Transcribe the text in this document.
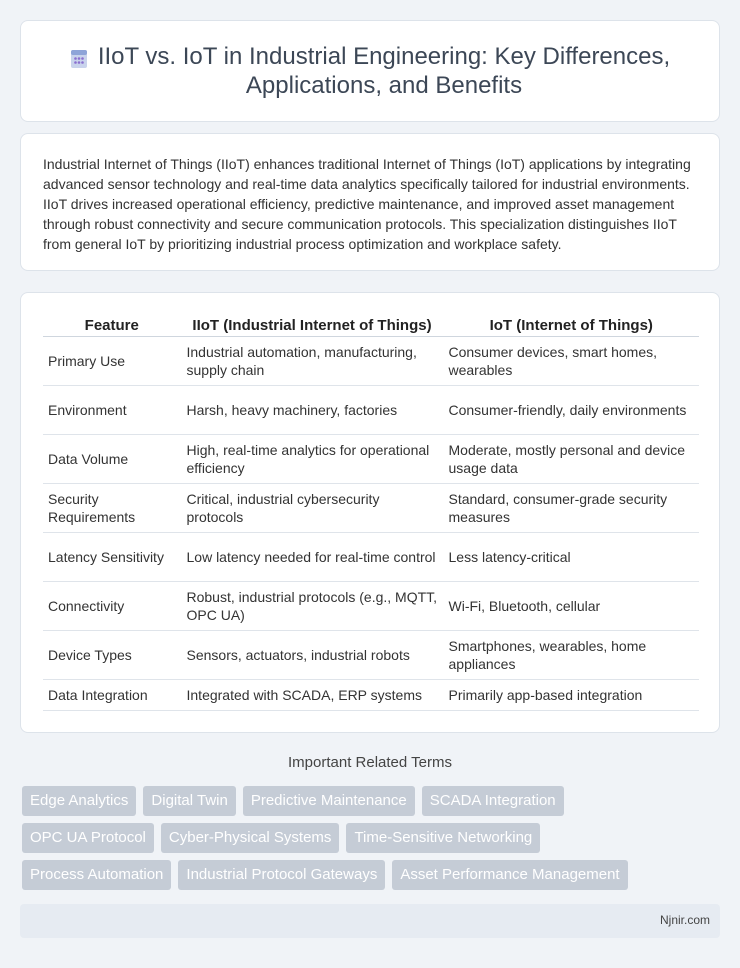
IIoT vs. IoT in Industrial Engineering: Key Differences, Applications, and Benefits

Industrial Internet of Things (IIoT) enhances traditional Internet of Things (IoT) applications by integrating advanced sensor technology and real-time data analytics specifically tailored for industrial environments. IIoT drives increased operational efficiency, predictive maintenance, and improved asset management through robust connectivity and secure communication protocols. This specialization distinguishes IIoT from general IoT by prioritizing industrial process optimization and workplace safety.

Feature	IIoT (Industrial Internet of Things)	IoT (Internet of Things)
Primary Use	Industrial automation, manufacturing, supply chain	Consumer devices, smart homes, wearables
Environment	Harsh, heavy machinery, factories	Consumer-friendly, daily environments
Data Volume	High, real-time analytics for operational efficiency	Moderate, mostly personal and device usage data
Security Requirements	Critical, industrial cybersecurity protocols	Standard, consumer-grade security measures
Latency Sensitivity	Low latency needed for real-time control	Less latency-critical
Connectivity	Robust, industrial protocols (e.g., MQTT, OPC UA)	Wi-Fi, Bluetooth, cellular
Device Types	Sensors, actuators, industrial robots	Smartphones, wearables, home appliances
Data Integration	Integrated with SCADA, ERP systems	Primarily app-based integration
Important Related Terms
Edge Analytics	Digital Twin	Predictive Maintenance	SCADA Integration
OPC UA Protocol	Cyber-Physical Systems	Time-Sensitive Networking
Process Automation	Industrial Protocol Gateways	Asset Performance Management
Njnir.com
